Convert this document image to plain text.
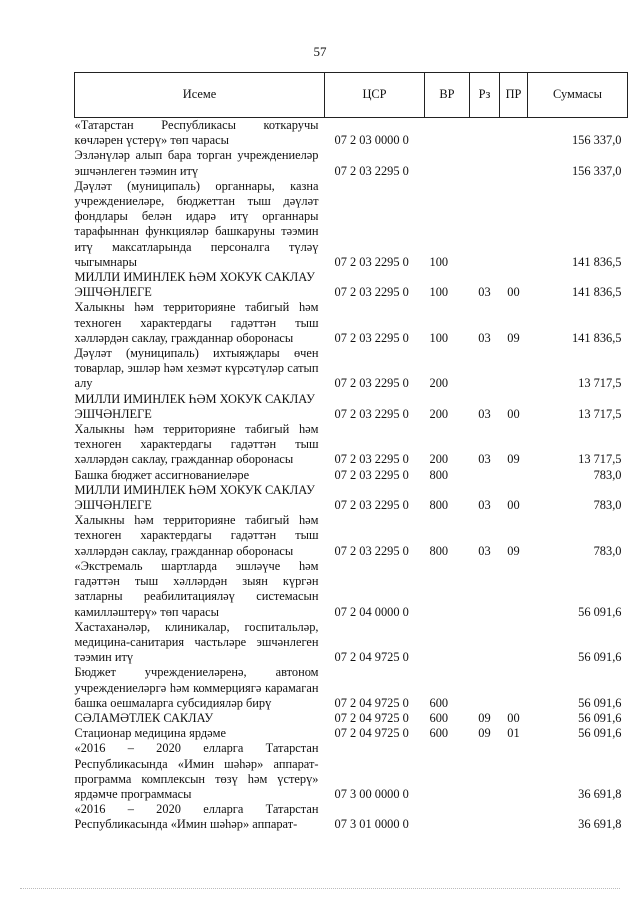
57
Исеме	ЦСР	ВР	Рз	ПР	Суммасы
«Татарстан Республикасы коткаручы көчләрен үстерү» төп чарасы	07 2 03 0000 0				156 337,0
Эзләнүләр алып бара торган учреждениеләр эшчәнлеген тәэмин итү	07 2 03 2295 0				156 337,0
Дәүләт (муниципаль) органнары, казна учреждениеләре, бюджеттан тыш дәүләт фондлары белән идарә итү органнары тарафыннан функцияләр башкаруны тәэмин итү максатларында персоналга түләү чыгымнары	07 2 03 2295 0	100			141 836,5
МИЛЛИ ИМИНЛЕК ҺӘМ ХОКУК САКЛАУ ЭШЧӘНЛЕГЕ	07 2 03 2295 0	100	03	00	141 836,5
Халыкны һәм территорияне табигый һәм техноген характердагы гадәттән тыш хәлләрдән саклау, гражданнар оборонасы	07 2 03 2295 0	100	03	09	141 836,5
Дәүләт (муниципаль) ихтыяҗлары өчен товарлар, эшләр һәм хезмәт күрсәтүләр сатып алу	07 2 03 2295 0	200			13 717,5
МИЛЛИ ИМИНЛЕК ҺӘМ ХОКУК САКЛАУ ЭШЧӘНЛЕГЕ	07 2 03 2295 0	200	03	00	13 717,5
Халыкны һәм территорияне табигый һәм техноген характердагы гадәттән тыш хәлләрдән саклау, гражданнар оборонасы	07 2 03 2295 0	200	03	09	13 717,5
Башка бюджет ассигнованиеләре	07 2 03 2295 0	800			783,0
МИЛЛИ ИМИНЛЕК ҺӘМ ХОКУК САКЛАУ ЭШЧӘНЛЕГЕ	07 2 03 2295 0	800	03	00	783,0
Халыкны һәм территорияне табигый һәм техноген характердагы гадәттән тыш хәлләрдән саклау, гражданнар оборонасы	07 2 03 2295 0	800	03	09	783,0
«Экстремаль шартларда эшләүче һәм гадәттән тыш хәлләрдән зыян күргән затларны реабилитацияләү системасын камилләштерү» төп чарасы	07 2 04 0000 0				56 091,6
Хастаханәләр, клиникалар, госпитальләр, медицина-санитария частьләре эшчәнлеген тәэмин итү	07 2 04 9725 0				56 091,6
Бюджет учреждениеләренә, автоном учреждениеләргә һәм коммерциягә карамаган башка оешмаларга субсидияләр бирү	07 2 04 9725 0	600			56 091,6
СӘЛАМӘТЛЕК САКЛАУ	07 2 04 9725 0	600	09	00	56 091,6
Стационар медицина ярдәме	07 2 04 9725 0	600	09	01	56 091,6
«2016 – 2020 елларга Татарстан Республикасында «Имин шәһәр» аппарат-программа комплексын төзү һәм үстерү» ярдәмче программасы	07 3 00 0000 0				36 691,8
«2016 – 2020 елларга Татарстан Республикасында «Имин шәһәр» аппарат-	07 3 01 0000 0				36 691,8
